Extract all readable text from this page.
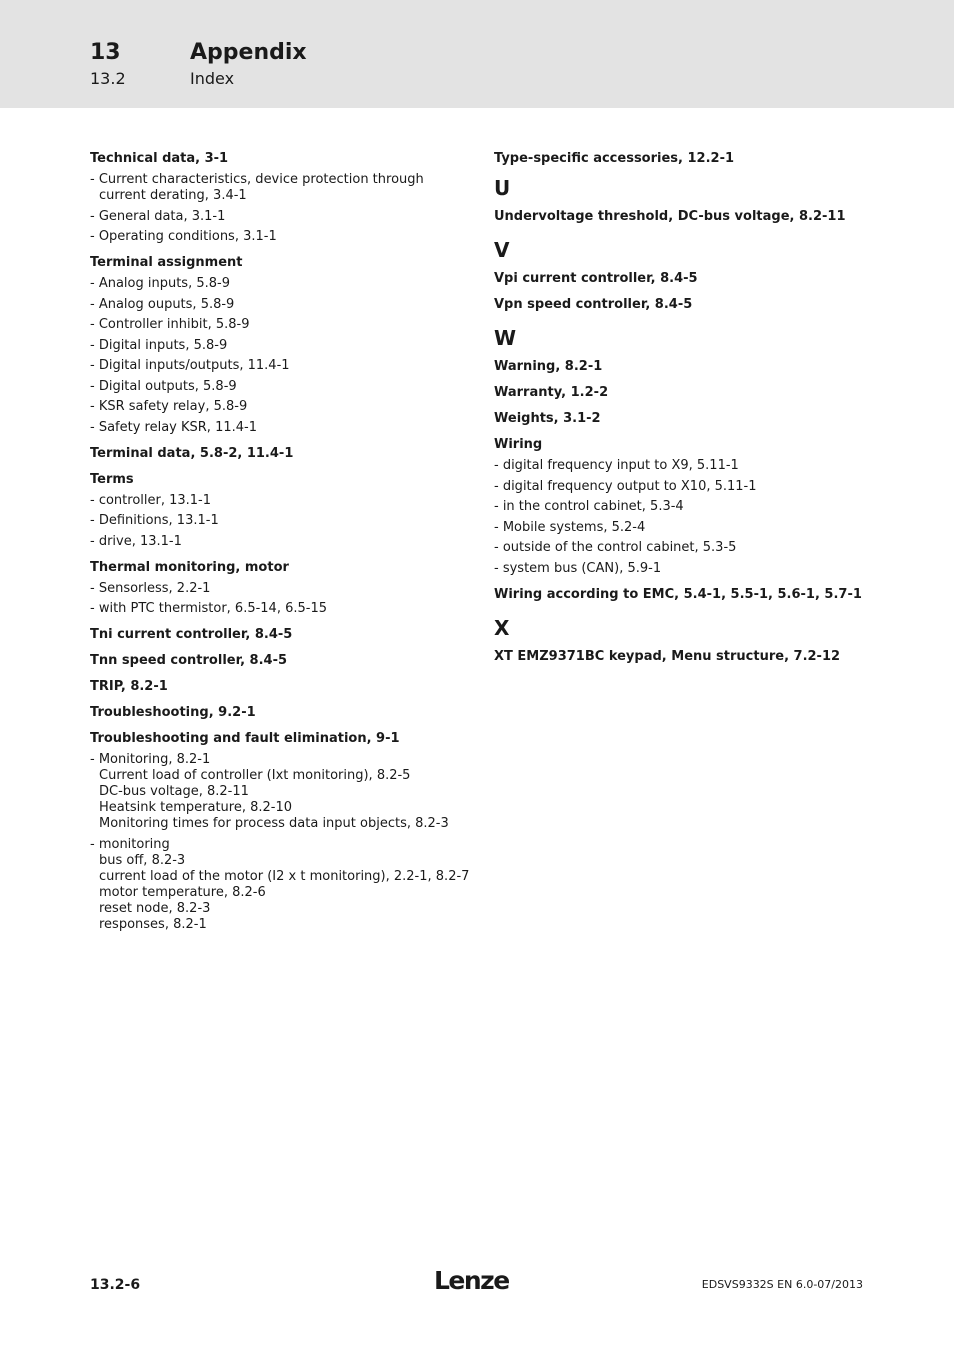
13	Appendix
13.2	Index
Technical data, 3-1
- Current characteristics, device protection through
current derating, 3.4-1
- General data, 3.1-1
- Operating conditions, 3.1-1
Terminal assignment
- Analog inputs, 5.8-9
- Analog ouputs, 5.8-9
- Controller inhibit, 5.8-9
- Digital inputs, 5.8-9
- Digital inputs/outputs, 11.4-1
- Digital outputs, 5.8-9
- KSR safety relay, 5.8-9
- Safety relay KSR, 11.4-1
Terminal data, 5.8-2, 11.4-1
Terms
- controller, 13.1-1
- Definitions, 13.1-1
- drive, 13.1-1
Thermal monitoring, motor
- Sensorless, 2.2-1
- with PTC thermistor, 6.5-14, 6.5-15
Tni current controller, 8.4-5
Tnn speed controller, 8.4-5
TRIP, 8.2-1
Troubleshooting, 9.2-1
Troubleshooting and fault elimination, 9-1
- Monitoring, 8.2-1
Current load of controller (Ixt monitoring), 8.2-5
DC-bus voltage, 8.2-11
Heatsink temperature, 8.2-10
Monitoring times for process data input objects, 8.2-3
- monitoring
bus off, 8.2-3
current load of the motor (I2 x t monitoring), 2.2-1, 8.2-7
motor temperature, 8.2-6
reset node, 8.2-3
responses, 8.2-1
Type-specific accessories, 12.2-1
U
Undervoltage threshold, DC-bus voltage, 8.2-11
V
Vpi current controller, 8.4-5
Vpn speed controller, 8.4-5
W
Warning, 8.2-1
Warranty, 1.2-2
Weights, 3.1-2
Wiring
- digital frequency input to X9, 5.11-1
- digital frequency output to X10, 5.11-1
- in the control cabinet, 5.3-4
- Mobile systems, 5.2-4
- outside of the control cabinet, 5.3-5
- system bus (CAN), 5.9-1
Wiring according to EMC, 5.4-1, 5.5-1, 5.6-1, 5.7-1
X
XT EMZ9371BC keypad, Menu structure, 7.2-12
13.2-6	Lenze	EDSVS9332S EN 6.0-07/2013
